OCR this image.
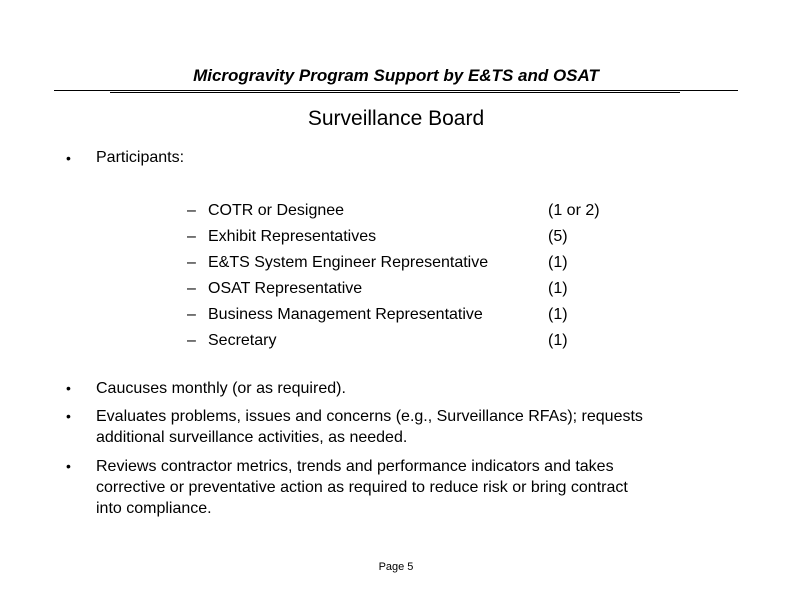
Microgravity Program Support by E&TS and OSAT
Surveillance Board
• Participants:
– COTR or Designee	(1 or 2)
– Exhibit Representatives	(5)
– E&TS System Engineer Representative	(1)
– OSAT Representative	(1)
– Business Management Representative	(1)
– Secretary	(1)
• Caucuses monthly (or as required).
• Evaluates problems, issues and concerns (e.g., Surveillance RFAs); requests
additional surveillance activities, as needed.
• Reviews contractor metrics, trends and performance indicators and takes
corrective or preventative action as required to reduce risk or bring contract
into compliance.
Page 5
